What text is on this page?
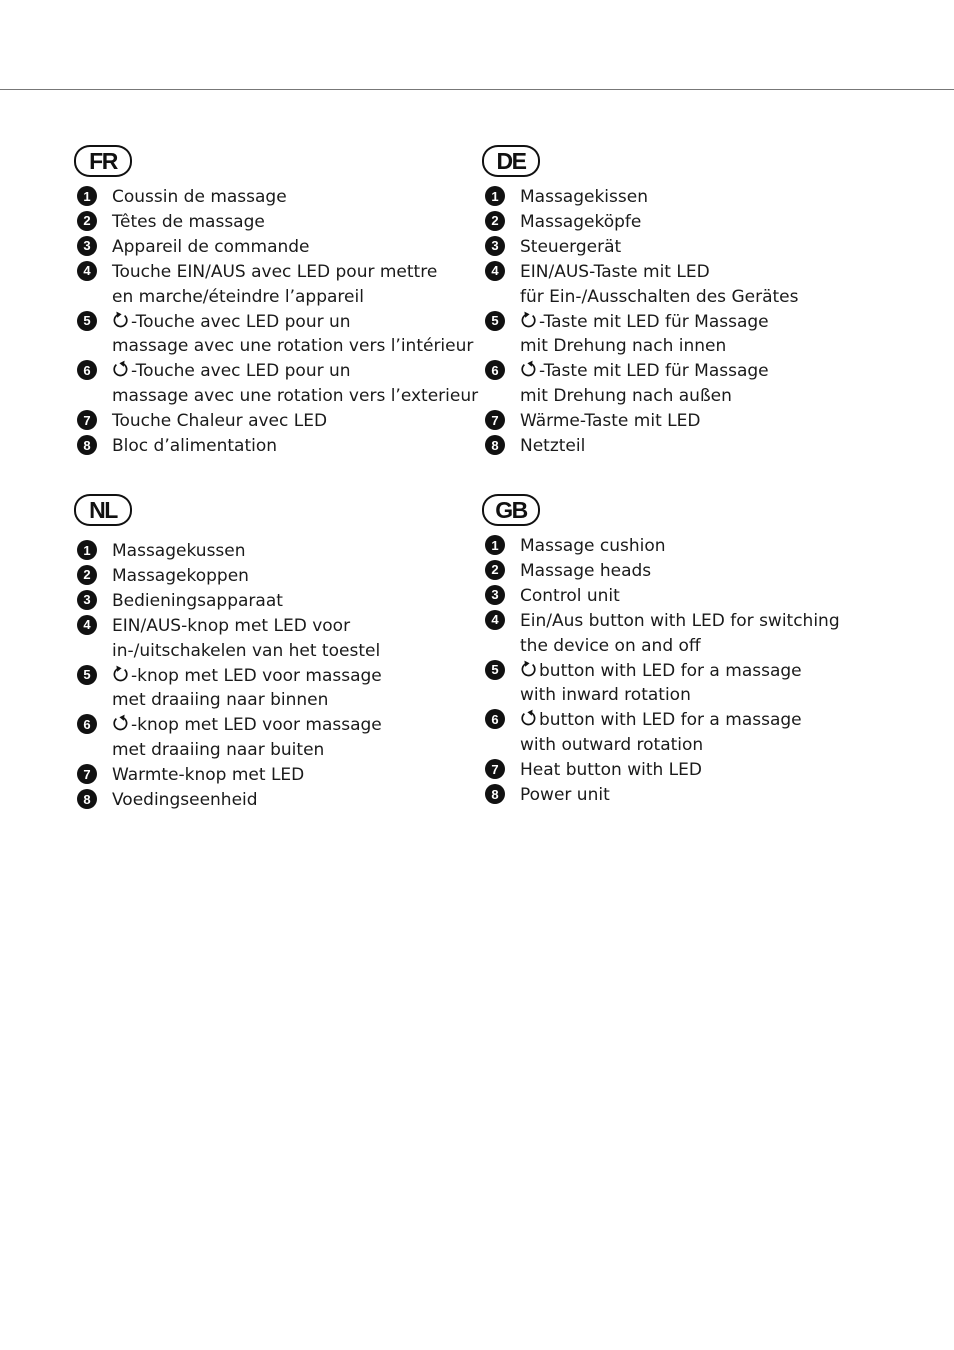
FR
1	Coussin de massage
2	Têtes de massage
3	Appareil de commande
4	Touche EIN/AUS avec LED pour mettre
en marche/éteindre l’appareil
5	-Touche avec LED pour un
massage avec une rotation vers l’intérieur
6	-Touche avec LED pour un
massage avec une rotation vers l’exterieur
7	Touche Chaleur avec LED
8	Bloc d’alimentation
DE
1	Massagekissen
2	Massageköpfe
3	Steuergerät
4	EIN/AUS-Taste mit LED
für Ein-/Ausschalten des Gerätes
5	-Taste mit LED für Massage
mit Drehung nach innen
6	-Taste mit LED für Massage
mit Drehung nach außen
7	Wärme-Taste mit LED
8	Netzteil
NL
1	Massagekussen
2	Massagekoppen
3	Bedieningsapparaat
4	EIN/AUS-knop met LED voor
in-/uitschakelen van het toestel
5	-knop met LED voor massage
met draaiing naar binnen
6	-knop met LED voor massage
met draaiing naar buiten
7	Warmte-knop met LED
8	Voedingseenheid
GB
1	Massage cushion
2	Massage heads
3	Control unit
4	Ein/Aus button with LED for switching
the device on and off
5	button with LED for a massage
with inward rotation
6	button with LED for a massage
with outward rotation
7	Heat button with LED
8	Power unit
